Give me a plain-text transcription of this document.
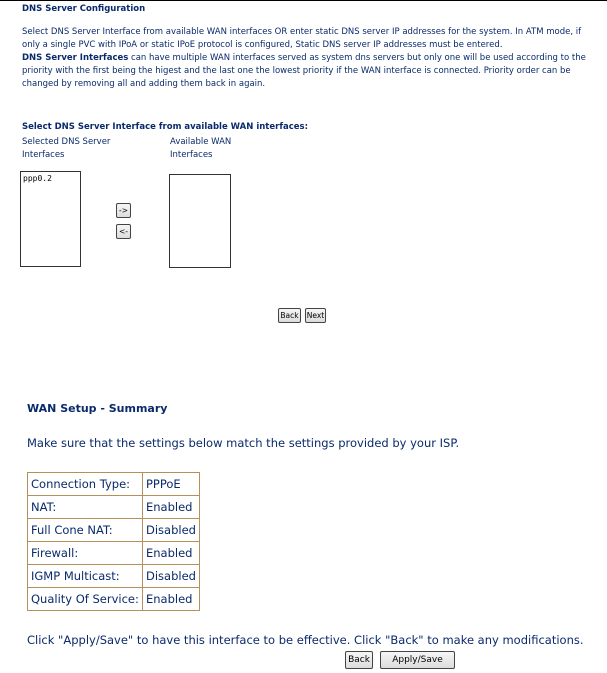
DNS Server Configuration

Select DNS Server Interface from available WAN interfaces OR enter static DNS server IP addresses for the system. In ATM mode, if only a single PVC with IPoA or static IPoE protocol is configured, Static DNS server IP addresses must be entered.

DNS Server Interfaces can have multiple WAN interfaces served as system dns servers but only one will be used according to the priority with the first being the higest and the last one the lowest priority if the WAN interface is connected. Priority order can be changed by removing all and adding them back in again.

Select DNS Server Interface from available WAN interfaces:
Selected DNS Server Interfaces
Available WAN Interfaces
ppp0.2
->
<-
Back	Next
WAN Setup - Summary
Make sure that the settings below match the settings provided by your ISP.
Connection Type:	PPPoE
NAT:	Enabled
Full Cone NAT:	Disabled
Firewall:	Enabled
IGMP Multicast:	Disabled
Quality Of Service:	Enabled
Click "Apply/Save" to have this interface to be effective. Click "Back" to make any modifications.
Back	Apply/Save
